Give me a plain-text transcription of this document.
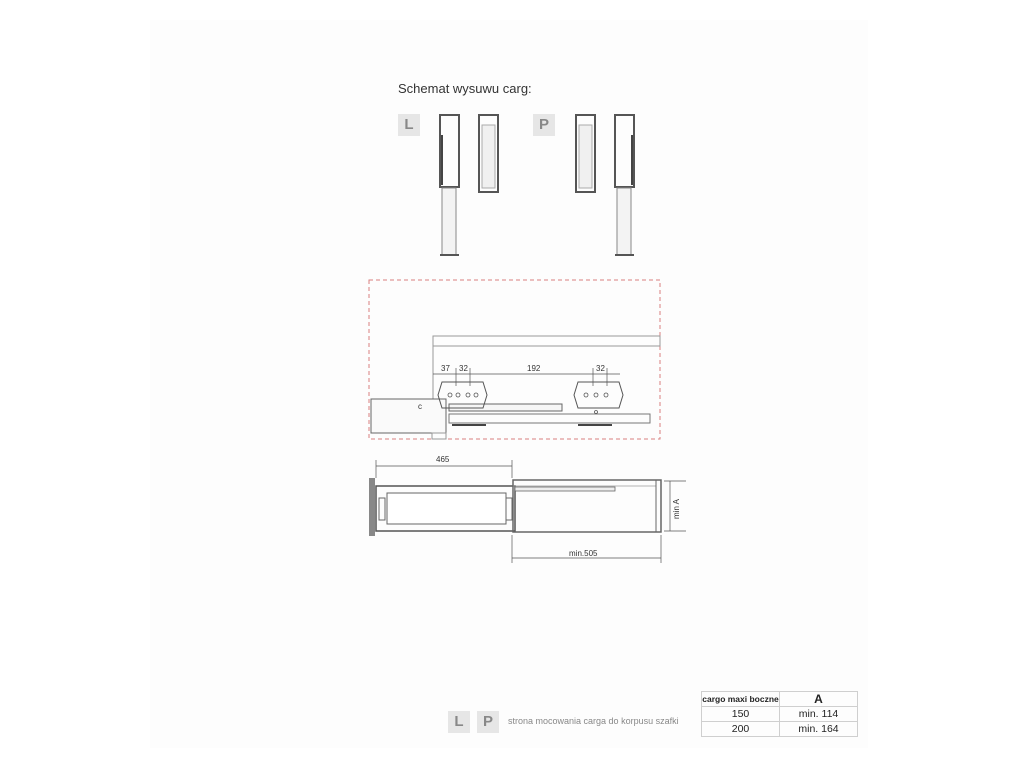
Schemat wysuwu carg:
L	P
c
37 32	192	32
465
min A
min.505
L	P	strona mocowania carga do korpusu szafki
cargo maxi boczne	A
150	min. 114
200	min. 164
